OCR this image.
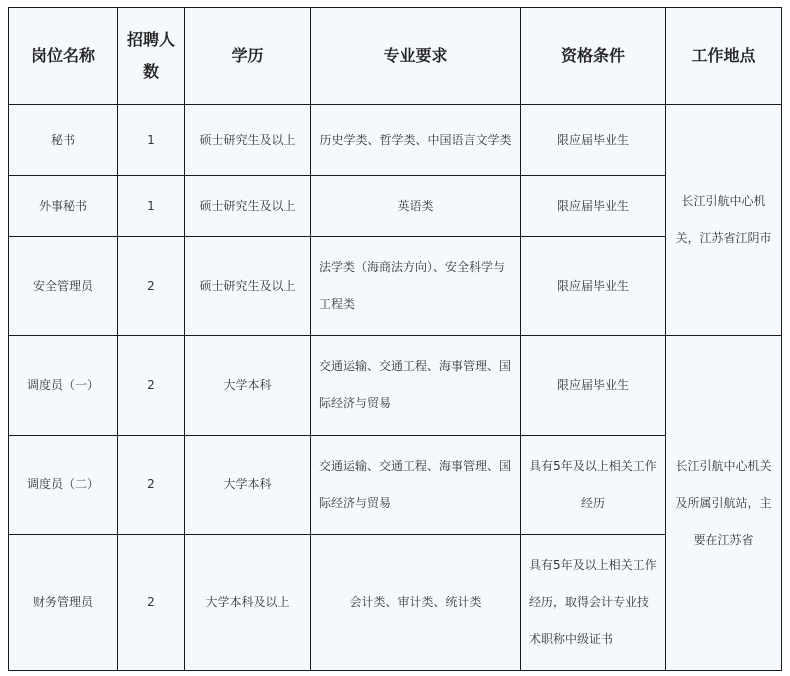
岗位名称	招聘人数	学历	专业要求	资格条件	工作地点
秘书	1	硕士研究生及以上	历史学类、哲学类、中国语言文学类	限应届毕业生	长江引航中心机关，江苏省江阴市
外事秘书	1	硕士研究生及以上	英语类	限应届毕业生	
安全管理员	2	硕士研究生及以上	法学类（海商法方向）、安全科学与工程类	限应届毕业生	
调度员（一）	2	大学本科	交通运输、交通工程、海事管理、国际经济与贸易	限应届毕业生	长江引航中心机关及所属引航站，主要在江苏省
调度员（二）	2	大学本科	交通运输、交通工程、海事管理、国际经济与贸易	具有5年及以上相关工作经历	
财务管理员	2	大学本科及以上	会计类、审计类、统计类	具有5年及以上相关工作经历，取得会计专业技术职称中级证书	
